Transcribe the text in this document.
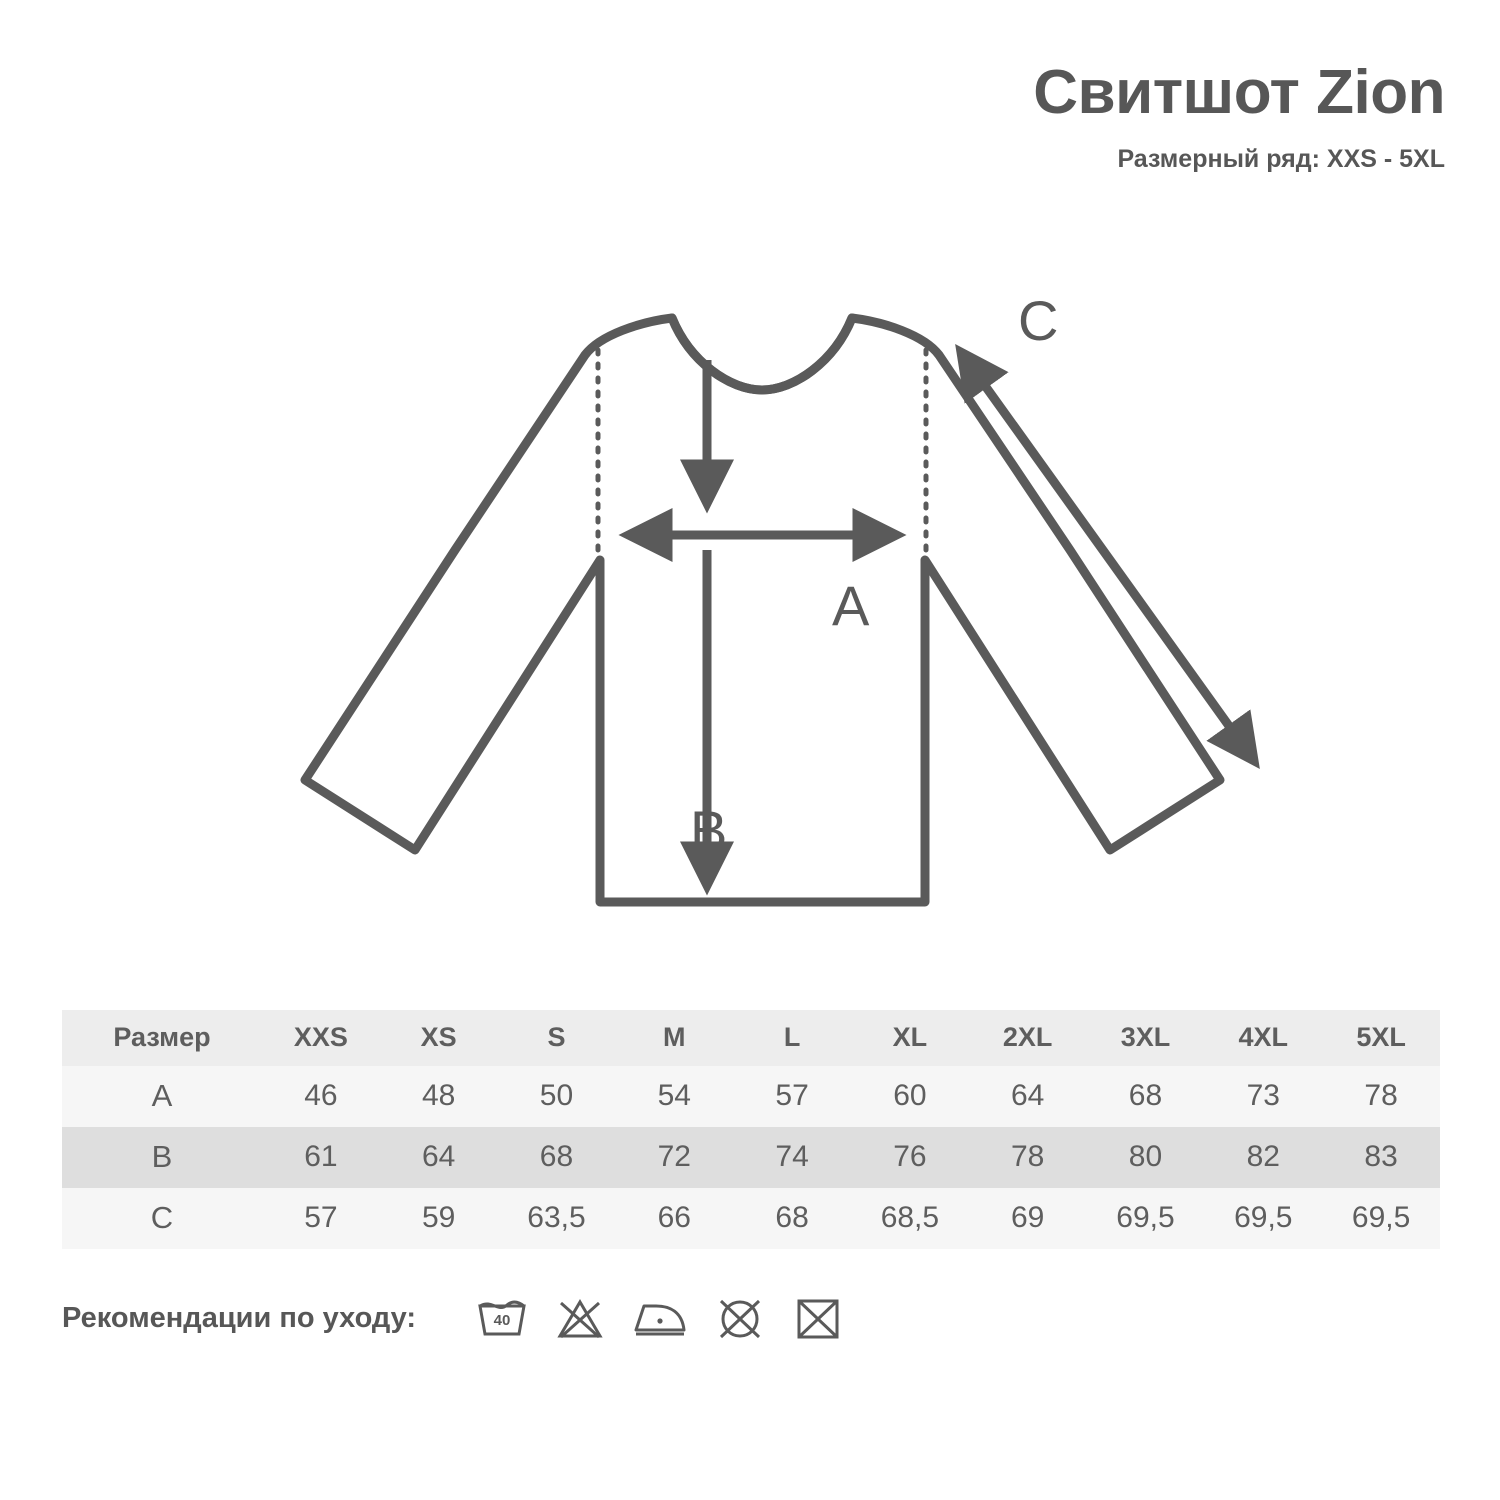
Свитшот Zion
Размерный ряд: XXS - 5XL
A
B
C
Размер	XXS	XS	S	M	L	XL	2XL	3XL	4XL	5XL
A	46	48	50	54	57	60	64	68	73	78
B	61	64	68	72	74	76	78	80	82	83
C	57	59	63,5	66	68	68,5	69	69,5	69,5	69,5
Рекомендации по уходу:	40
